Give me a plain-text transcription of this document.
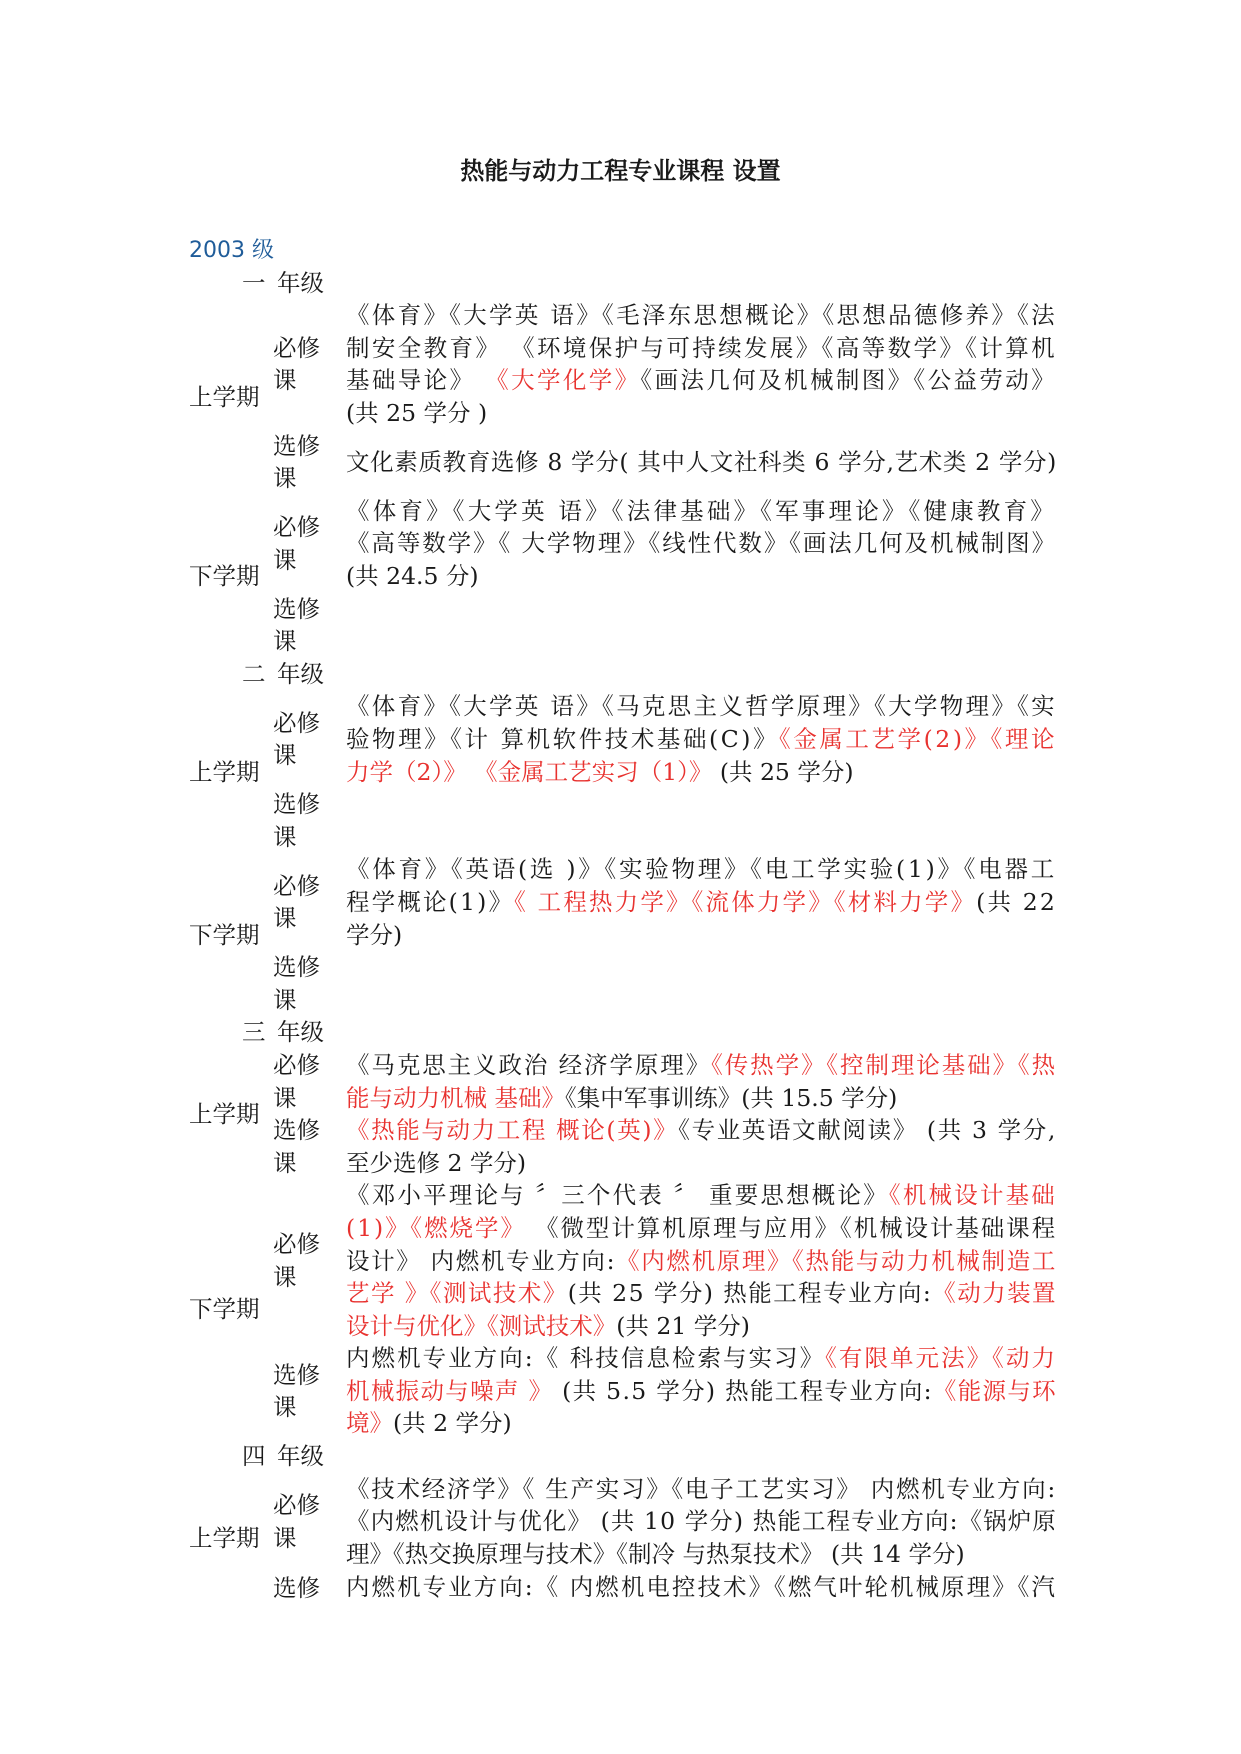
热能与动力工程专业课程 设置
2003 级
一 年级		
上学期	必修课	《体育》《大学英 语》《毛泽东思想概论》《思想品德修养》《法
制安全教育》 《环境保护与可持续发展》《高等数学》《计算机
基础导论》 《大学化学》《画法几何及机械制图》《公益劳动》
(共 25 学分 )

	选修课	文化素质教育选修 8 学分( 其中人文社科类 6 学分,艺术类 2 学分)

下学期	必修课	《体育》《大学英 语》《法律基础》《军事理论》《健康教育》
《高等数学》《 大学物理》《线性代数》《画法几何及机械制图》
(共 24.5 分)

	选修课	
二 年级		
上学期	必修课	《体育》《大学英 语》《马克思主义哲学原理》《大学物理》《实
验物理》《计 算机软件技术基础(C)》《金属工艺学(2)》《理论
力学（2）》 《金属工艺实习（1）》 (共 25 学分)

	选修课	
下学期	必修课	《体育》《英语(选 )》《实验物理》《电工学实验(1)》《电器工
程学概论(1)》《 工程热力学》《流体力学》《材料力学》(共 22
学分)

	选修课	
三 年级		
上学期	必修课	《马克思主义政治 经济学原理》《传热学》《控制理论基础》《热
能与动力机械 基础》《集中军事训练》(共 15.5 学分)

	选修课	《热能与动力工程 概论(英)》《专业英语文献阅读》 (共 3 学分,
至少选修 2 学分)

下学期	必修课	《邓小平理论与 〞三个代表 〞 重要思想概论》《机械设计基础
(1)》《燃烧学》 《微型计算机原理与应用》《机械设计基础课程
设计》 内燃机专业方向:《内燃机原理》《热能与动力机械制造工
艺学 》《测试技术》(共 25 学分) 热能工程专业方向:《动力装置
设计与优化》《测试技术》(共 21 学分)

	选修课	内燃机专业方向:《 科技信息检索与实习》《有限单元法》《动力
机械振动与噪声 》 (共 5.5 学分) 热能工程专业方向:《能源与环
境》(共 2 学分)

四 年级		
上学期	必修课	《技术经济学》《 生产实习》《电子工艺实习》 内燃机专业方向:
《内燃机设计与优化》 (共 10 学分) 热能工程专业方向:《锅炉原
理》《热交换原理与技术》《制冷 与热泵技术》 (共 14 学分)

	选修	内燃机专业方向:《 内燃机电控技术》《燃气叶轮机械原理》《汽
